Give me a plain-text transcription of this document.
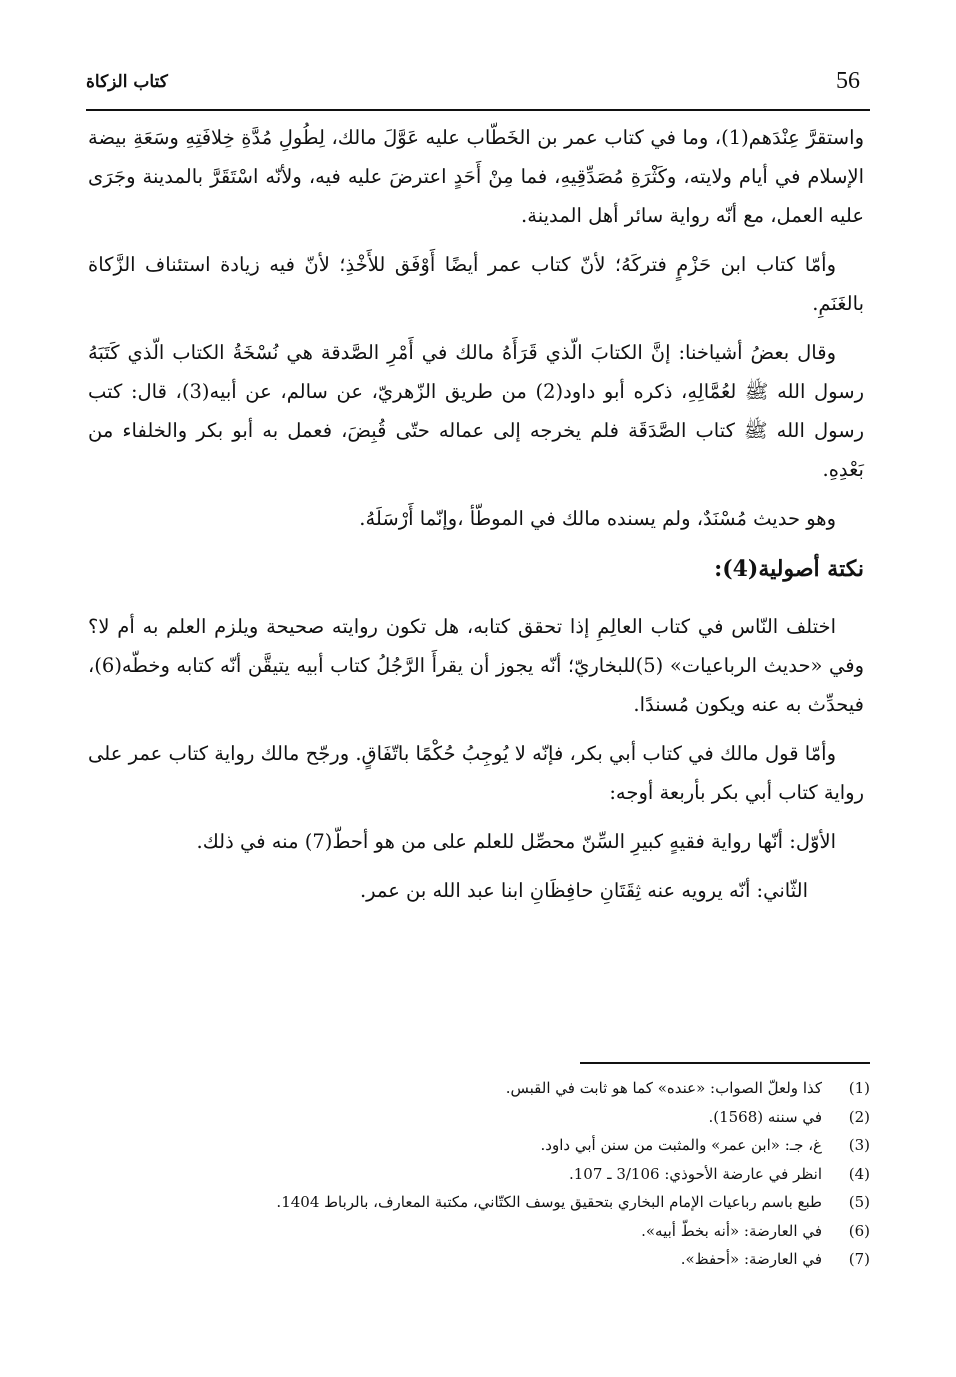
56
كتاب الزكاة

واستقرَّ عِنْدَهم(1)، وما في كتاب عمر بن الخَطّاب عليه عَوَّلَ مالك، لِطُولِ مُدَّةِ خِلافَتِهِ وسَعَةِ بيضة الإسلام في أيام ولايته، وكَثْرَةِ مُصَدِّقِيهِ، فما مِنْ أَحَدٍ اعترضَ عليه فيه، ولأنّه اسْتَقَرَّ بالمدينة وجَرَى عليه العمل، مع أنّه رواية سائر أهل المدينة.

وأمّا كتاب ابن حَزْمٍ فتركَهُ؛ لأنّ كتاب عمر أيضًا أَوْفَق للأَخْذِ؛ لأنّ فيه زيادة استئناف الزَّكاة بالغَنَمِ.

وقال بعضُ أشياخنا: إنَّ الكتابَ الّذي قَرَأَهُ مالك في أَمْرِ الصَّدقة هي نُسْخَةُ الكتاب الّذي كَتَبَهُ رسول الله ﷺ لعُمَّالِهِ، ذكره أبو داود(2) من طريق الزّهريّ، عن سالم، عن أبيه(3)، قال: كتب رسول الله ﷺ كتاب الصَّدَقَة فلم يخرجه إلى عماله حتّى قُبِضَ، فعمل به أبو بكر والخلفاء من بَعْدِهِ.

وهو حديث مُسْنَدٌ، ولم يسنده مالك في الموطّأ ،وإنّما أَرْسَلَهُ.

نكتة أصولية(4):

اختلف النّاس في كتاب العالِمِ إذا تحقق كتابه، هل تكون روايته صحيحة ويلزم العلم به أم لا؟ وفي «حديث الرباعيات» (5)للبخاريّ؛ أنّه يجوز أن يقرأَ الرَّجُلُ كتاب أبيه يتيقَّن أنّه كتابه وخطّه(6)، فيحدِّث به عنه ويكون مُسندًا.

وأمّا قول مالك في كتاب أبي بكر، فإنّه لا يُوجِبُ حُكْمًا باتّفَاقٍ. ورجّح مالك رواية كتاب عمر على رواية كتاب أبي بكر بأربعة أوجه:

الأوّل: أنّها رواية فقيهٍ كبيرِ السِّنّ محصِّل للعلم على من هو أحطّ(7) منه في ذلك.

الثّاني: أنّه يرويه عنه ثِقَتَانِ حافِظَانِ ابنا عبد الله بن عمر.

(1)
كذا ولعلّ الصواب: «عنده» كما هو ثابت في القبس.
(2)
في سننه (1568).
(3)
غ، جـ: «ابن عمر» والمثبت من سنن أبي داود.
(4)
انظر في عارضة الأحوذي: 3/106 ـ 107.
(5)
طبع باسم رباعيات الإمام البخاري بتحقيق يوسف الكتّاني، مكتبة المعارف، بالرباط 1404.
(6)
في العارضة: «أنه بخطّ أبيه».
(7)
في العارضة: «أحفظ».
